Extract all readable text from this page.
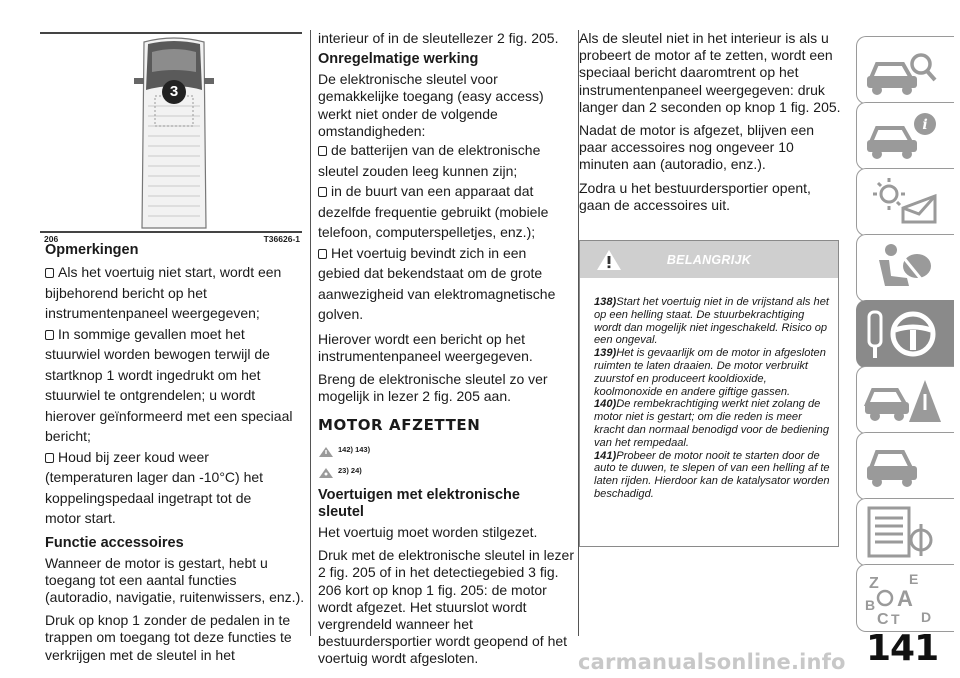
3
206	T36626-1
Opmerkingen
Als het voertuig niet start, wordt een
bijbehorend bericht op het
instrumentenpaneel weergegeven;
In sommige gevallen moet het
stuurwiel worden bewogen terwijl de
startknop 1 wordt ingedrukt om het
stuurwiel te ontgrendelen; u wordt
hierover geïnformeerd met een speciaal
bericht;
Houd bij zeer koud weer
(temperaturen lager dan -10°C) het
koppelingspedaal ingetrapt tot de
motor start.
Functie accessoires

Wanneer de motor is gestart, hebt u toegang tot een aantal functies (autoradio, navigatie, ruitenwissers, enz.).

Druk op knop 1 zonder de pedalen in te trappen om toegang tot deze functies te verkrijgen met de sleutel in het

interieur of in de sleutellezer 2 fig. 205.

Onregelmatige werking

De elektronische sleutel voor gemakkelijke toegang (easy access) werkt niet onder de volgende omstandigheden:

de batterijen van de elektronische
sleutel zouden leeg kunnen zijn;
in de buurt van een apparaat dat
dezelfde frequentie gebruikt (mobiele
telefoon, computerspelletjes, enz.);
Het voertuig bevindt zich in een
gebied dat bekendstaat om de grote
aanwezigheid van elektromagnetische
golven.

Hierover wordt een bericht op het instrumentenpaneel weergegeven.

Breng de elektronische sleutel zo ver mogelijk in lezer 2 fig. 205 aan.

MOTOR AFZETTEN
142) 143)
23) 24)
Voertuigen met elektronische
sleutel

Het voertuig moet worden stilgezet.

Druk met de elektronische sleutel in lezer 2 fig. 205 of in het detectiegebied 3 fig. 206 kort op knop 1 fig. 205: de motor wordt afgezet. Het stuurslot wordt vergrendeld wanneer het bestuurdersportier wordt geopend of het voertuig wordt afgesloten.

Als de sleutel niet in het interieur is als u probeert de motor af te zetten, wordt een speciaal bericht daaromtrent op het instrumentenpaneel weergegeven: druk langer dan 2 seconden op knop 1 fig. 205.

Nadat de motor is afgezet, blijven een paar accessoires nog ongeveer 10 minuten aan (autoradio, enz.).

Zodra u het bestuurdersportier opent, gaan de accessoires uit.

BELANGRIJK

138)Start het voertuig niet in de vrijstand als het op een helling staat. De stuurbekrachtiging wordt dan mogelijk niet ingeschakeld. Risico op een ongeval.

139)Het is gevaarlijk om de motor in afgesloten ruimten te laten draaien. De motor verbruikt zuurstof en produceert kooldioxide, koolmonoxide en andere giftige gassen.

140)De rembekrachtiging werkt niet zolang de motor niet is gestart; om die reden is meer kracht dan normaal benodigd voor de bediening van het rempedaal.

141)Probeer de motor nooit te starten door de auto te duwen, te slepen of van een helling af te laten rijden. Hierdoor kan de katalysator worden beschadigd.

i
Z E
A
B
C T D
141
carmanualsonline.info
